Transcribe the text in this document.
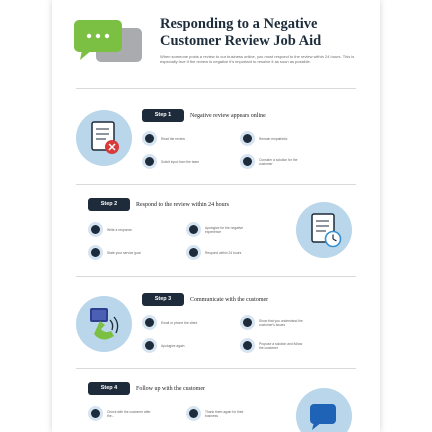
Responding to a Negative Customer Review Job Aid
When someone posts a review to our business online, you must respond to the review within 24 hours. This is especially true if the review is negative it's important to resolve it as soon as possible.
Step 1	Negative review appears online
Read the review	Remain empathetic
Solicit input from the team	Consider a solution for the customer
Step 2	Respond to the review within 24 hours
Write a response	Apologize for the negative experience
State your service goal	Respond within 24 hours
Step 3	Communicate with the customer
Email or phone the client	Show that you understand the customer's issues
Apologize again	Propose a solution and follow the customer
Step 4	Follow up with the customer
Check with the customer after the...
Thank them again for their business
